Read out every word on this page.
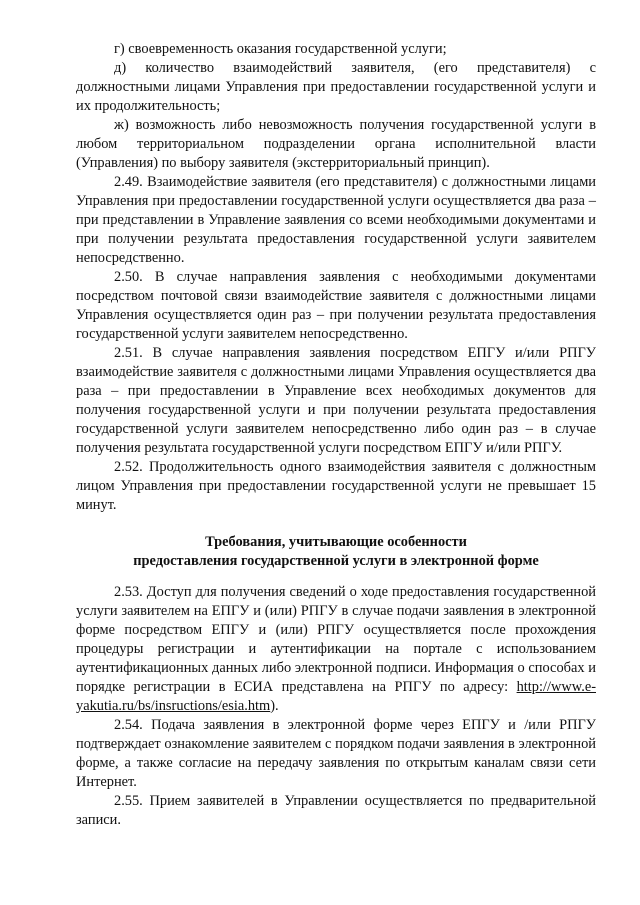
г) своевременность оказания государственной услуги;

д) количество взаимодействий заявителя, (его представителя) с должностными лицами Управления при предоставлении государственной услуги и их продолжительность;

ж) возможность либо невозможность получения государственной услуги в любом территориальном подразделении органа исполнительной власти (Управления) по выбору заявителя (экстерриториальный принцип).

2.49. Взаимодействие заявителя (его представителя) с должностными лицами Управления при предоставлении государственной услуги осуществляется два раза – при представлении в Управление заявления со всеми необходимыми документами и при получении результата предоставления государственной услуги заявителем непосредственно.

2.50. В случае направления заявления с необходимыми документами посредством почтовой связи взаимодействие заявителя с должностными лицами Управления осуществляется один раз – при получении результата предоставления государственной услуги заявителем непосредственно.

2.51. В случае направления заявления посредством ЕПГУ и/или РПГУ взаимодействие заявителя с должностными лицами Управления осуществляется два раза – при предоставлении в Управление всех необходимых документов для получения государственной услуги и при получении результата предоставления государственной услуги заявителем непосредственно либо один раз – в случае получения результата государственной услуги посредством ЕПГУ и/или РПГУ.

2.52. Продолжительность одного взаимодействия заявителя с должностным лицом Управления при предоставлении государственной услуги не превышает 15 минут.

Требования, учитывающие особенности
предоставления государственной услуги в электронной форме

2.53. Доступ для получения сведений о ходе предоставления государственной услуги заявителем на ЕПГУ и (или) РПГУ в случае подачи заявления в электронной форме посредством ЕПГУ и (или) РПГУ осуществляется после прохождения процедуры регистрации и аутентификации на портале с использованием аутентификационных данных либо электронной подписи. Информация о способах и порядке регистрации в ЕСИА представлена на РПГУ по адресу: http://www.e-yakutia.ru/bs/insructions/esia.htm).

2.54. Подача заявления в электронной форме через ЕПГУ и /или РПГУ подтверждает ознакомление заявителем с порядком подачи заявления в электронной форме, а также согласие на передачу заявления по открытым каналам связи сети Интернет.

2.55. Прием заявителей в Управлении осуществляется по предварительной записи.
